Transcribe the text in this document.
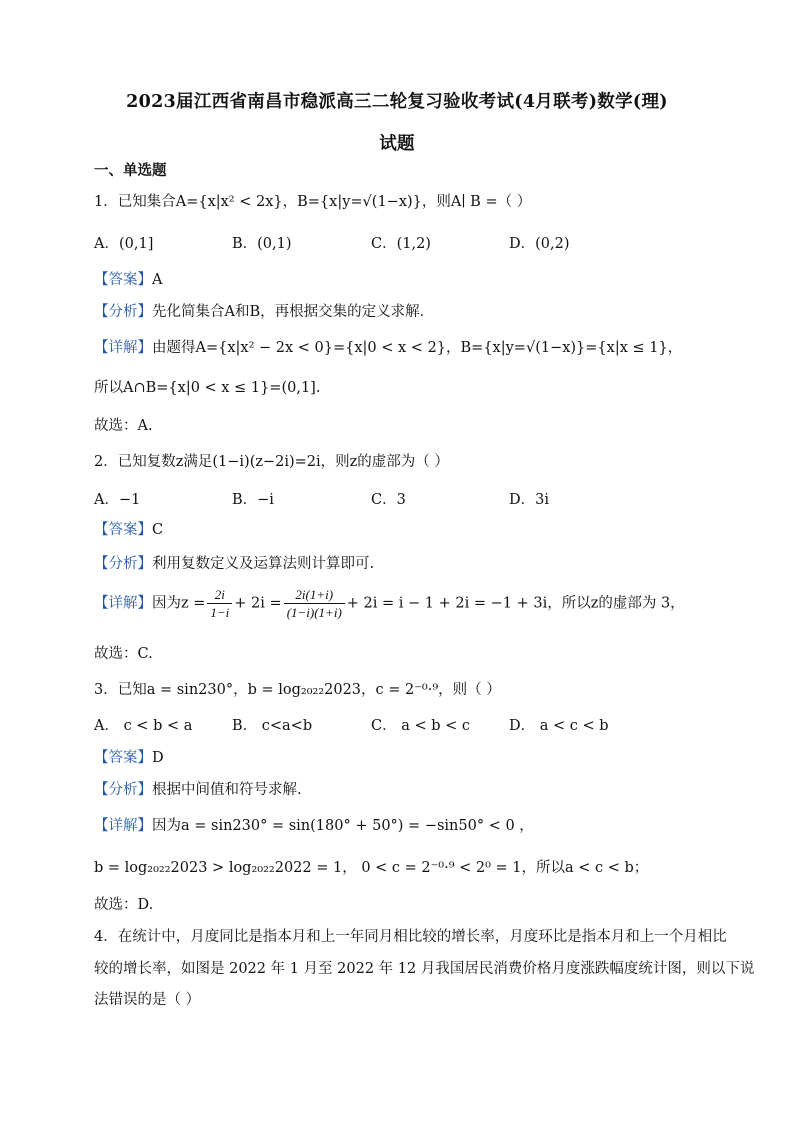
2023届江西省南昌市稳派高三二轮复习验收考试(4月联考)数学(理)
试题
一、单选题
1．已知集合A={x|x² < 2x}，B={x|y=√(1−x)}，则A∣ B =（ ）
A．(0,1]	B．(0,1)	C．(1,2)	D．(0,2)
【答案】A
【分析】先化简集合A和B，再根据交集的定义求解．
【详解】由题得A={x|x² − 2x < 0}={x|0 < x < 2}，B={x|y=√(1−x)}={x|x ≤ 1}，
所以A∩B={x|0 < x ≤ 1}=(0,1].
故选：A.
2．已知复数z满足(1−i)(z−2i)=2i，则z的虚部为（ ）
A．−1	B．−i	C．3	D．3i
【答案】C
【分析】利用复数定义及运算法则计算即可.
【详解】因为$z = \frac{2i}{1-i} + 2i = \frac{2i(1+i)}{(1-i)(1+i)} + 2i = i - 1 + 2i = -1 + 3i$，所以z的虚部为 3，
故选：C.
3．已知a = sin230°，b = log₂₀₂₂2023，c = 2⁻⁰·⁹，则（ ）
A． c < b < a	B． c<a<b	C． a < b < c	D． a < c < b
【答案】D
【分析】根据中间值和符号求解.
【详解】因为a = sin230° = sin(180° + 50°) = −sin50° < 0 ，
b = log₂₀₂₂2023 > log₂₀₂₂2022 = 1， 0 < c = 2⁻⁰·⁹ < 2⁰ = 1，所以a < c < b；
故选：D.
4．在统计中，月度同比是指本月和上一年同月相比较的增长率，月度环比是指本月和上一个月相比
较的增长率，如图是 2022 年 1 月至 2022 年 12 月我国居民消费价格月度涨跌幅度统计图，则以下说
法错误的是（ ）
